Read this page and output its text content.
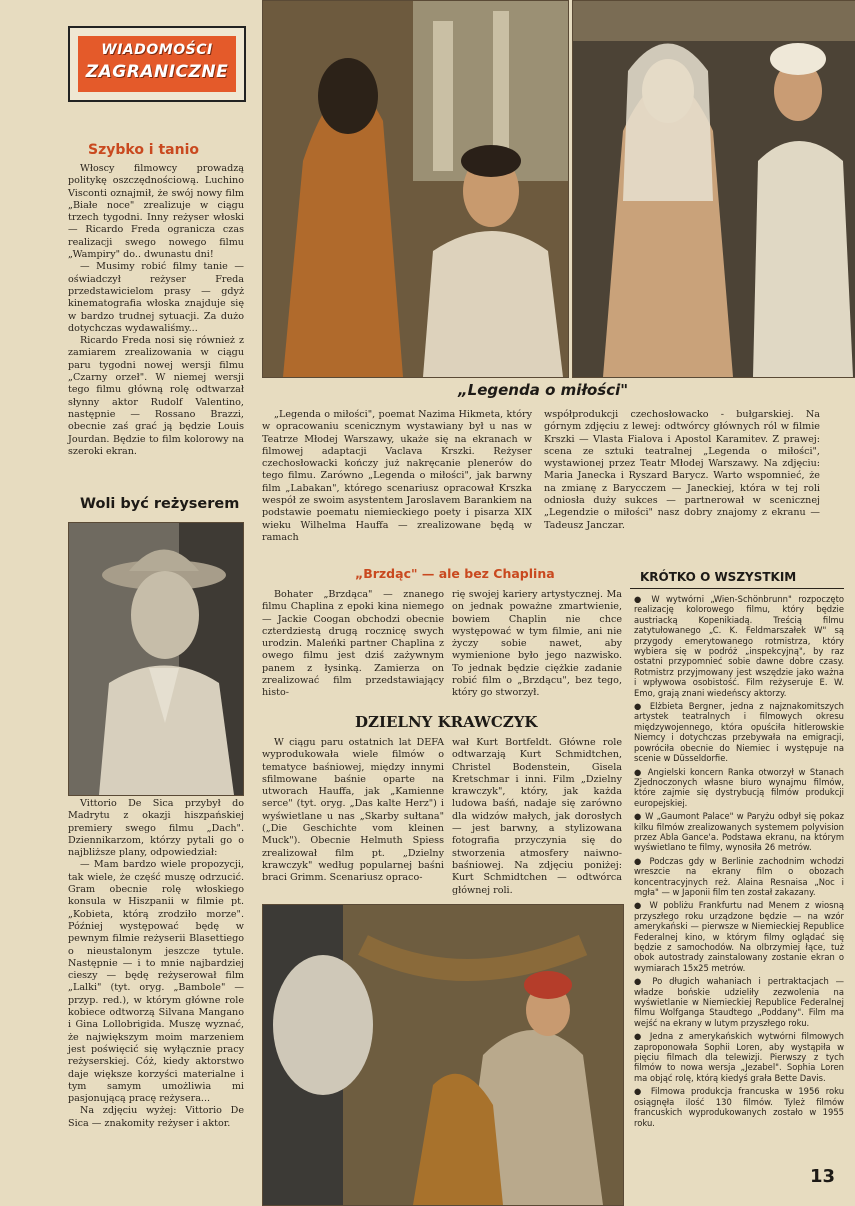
WIADOMOŚCI
ZAGRANICZNE
Szybko i tanio

Włoscy filmowcy prowadzą politykę oszczędnościową. Luchino Visconti oznajmił, że swój nowy film „Białe noce" zrealizuje w ciągu trzech tygodni. Inny reżyser włoski — Ricardo Freda ogranicza czas realizacji swego nowego filmu „Wampiry" do.. dwunastu dni!

— Musimy robić filmy tanie — oświadczył reżyser Freda przedstawicielom prasy — gdyż kinematografia włoska znajduje się w bardzo trudnej sytuacji. Za dużo dotychczas wydawaliśmy...

Ricardo Freda nosi się również z zamiarem zrealizowania w ciągu paru tygodni nowej wersji filmu „Czarny orzeł". W niemej wersji tego filmu główną rolę odtwarzał słynny aktor Rudolf Valentino, następnie — Rossano Brazzi, obecnie zaś grać ją będzie Louis Jourdan. Będzie to film kolorowy na szeroki ekran.

Woli być reżyserem

Vittorio De Sica przybył do Madrytu z okazji hiszpańskiej premiery swego filmu „Dach". Dziennikarzom, którzy pytali go o najbliższe plany, odpowiedział:

— Mam bardzo wiele propozycji, tak wiele, że część muszę odrzucić. Gram obecnie rolę włoskiego konsula w Hiszpanii w filmie pt. „Kobieta, którą zrodziło morze". Później występować będę w pewnym filmie reżyserii Blasettiego o nieustalonym jeszcze tytule. Następnie — i to mnie najbardziej cieszy — będę reżyserował film „Lalki" (tyt. oryg. „Bambole" — przyp. red.), w którym główne role kobiece odtworzą Silvana Mangano i Gina Lollobrigida. Muszę wyznać, że największym moim marzeniem jest poświęcić się wyłącznie pracy reżyserskiej. Cóż, kiedy aktorstwo daje większe korzyści materialne i tym samym umożliwia mi pasjonującą pracę reżysera...

Na zdjęciu wyżej: Vittorio De Sica — znakomity reżyser i aktor.

„Legenda o miłości"
„Legenda o miłości", poemat Nazima Hikmeta, który w opracowaniu scenicznym wystawiany był u nas w Teatrze Młodej Warszawy, ukaże się na ekranach w filmowej adaptacji Vaclava Krszki. Reżyser czechosłowacki kończy już nakręcanie plenerów do tego filmu. Zarówno „Legenda o miłości", jak barwny film „Labakan", którego scenariusz opracował Krszka wespół ze swoim asystentem Jaroslavem Barankiem na podstawie poematu niemieckiego poety i pisarza XIX wieku Wilhelma Hauffa — zrealizowane będą w ramach
współprodukcji czechosłowacko - bułgarskiej. Na górnym zdjęciu z lewej: odtwórcy głównych ról w filmie Krszki — Vlasta Fialova i Apostol Karamitev. Z prawej: scena ze sztuki teatralnej „Legenda o miłości", wystawionej przez Teatr Młodej Warszawy. Na zdjęciu: Maria Janecka i Ryszard Barycz. Warto wspomnieć, że na zmianę z Barycczem — Janeckiej, która w tej roli odniosła duży sukces — partnerował w scenicznej „Legendzie o miłości" nasz dobry znajomy z ekranu — Tadeusz Janczar.
„Brzdąc" — ale bez Chaplina
Bohater „Brzdąca" — znanego filmu Chaplina z epoki kina niemego — Jackie Coogan obchodzi obecnie czterdziestą drugą rocznicę swych urodzin. Maleńki partner Chaplina z owego filmu jest dziś zażywnym panem z łysinką. Zamierza on zrealizować film przedstawiający histo-
rię swojej kariery artystycznej. Ma on jednak poważne zmartwienie, bowiem Chaplin nie chce występować w tym filmie, ani nie życzy sobie nawet, aby wymienione było jego nazwisko. To jednak będzie ciężkie zadanie robić film o „Brzdącu", bez tego, który go stworzył.
DZIELNY KRAWCZYK
W ciągu paru ostatnich lat DEFA wyprodukowała wiele filmów o tematyce baśniowej, między innymi sfilmowane baśnie oparte na utworach Hauffa, jak „Kamienne serce" (tyt. oryg. „Das kalte Herz") i wyświetlane u nas „Skarby sułtana" („Die Geschichte vom kleinen Muck"). Obecnie Helmuth Spiess zrealizował film pt. „Dzielny krawczyk" według popularnej baśni braci Grimm. Scenariusz opraco-
wał Kurt Bortfeldt. Główne role odtwarzają Kurt Schmidtchen, Christel Bodenstein, Gisela Kretschmar i inni. Film „Dzielny krawczyk", który, jak każda ludowa baśń, nadaje się zarówno dla widzów małych, jak dorosłych — jest barwny, a stylizowana fotografia przyczynia się do stworzenia atmosfery naiwno-baśniowej. Na zdjęciu poniżej: Kurt Schmidtchen — odtwórca głównej roli.
KRÓTKO O WSZYSTKIM

● W wytwórni „Wien-Schönbrunn" rozpoczęto realizację kolorowego filmu, który będzie austriacką Kopenikiadą. Treścią filmu zatytułowanego „C. K. Feldmarszałek W" są przygody emerytowanego rotmistrza, który wybiera się w podróż „inspekcyjną", by raz ostatni przypomnieć sobie dawne dobre czasy. Rotmistrz przyjmowany jest wszędzie jako ważna i wpływowa osobistość. Film reżyseruje E. W. Emo, grają znani wiedeńscy aktorzy.

● Elżbieta Bergner, jedna z najznakomitszych artystek teatralnych i filmowych okresu międzywojennego, która opuściła hitlerowskie Niemcy i dotychczas przebywała na emigracji, powróciła obecnie do Niemiec i występuje na scenie w Düsseldorfie.

● Angielski koncern Ranka otworzył w Stanach Zjednoczonych własne biuro wynajmu filmów, które zajmie się dystrybucją filmów produkcji europejskiej.

● W „Gaumont Palace" w Paryżu odbył się pokaz kilku filmów zrealizowanych systemem polyvision przez Abla Gance'a. Podstawa ekranu, na którym wyświetlano te filmy, wynosiła 26 metrów.

● Podczas gdy w Berlinie zachodnim wchodzi wreszcie na ekrany film o obozach koncentracyjnych reż. Alaina Resnaisa „Noc i mgła" — w Japonii film ten został zakazany.

● W pobliżu Frankfurtu nad Menem z wiosną przyszłego roku urządzone będzie — na wzór amerykański — pierwsze w Niemieckiej Republice Federalnej kino, w którym filmy oglądać się będzie z samochodów. Na olbrzymiej łące, tuż obok autostrady zainstalowany zostanie ekran o wymiarach 15x25 metrów.

● Po długich wahaniach i pertraktacjach — władze bońskie udzieliły zezwolenia na wyświetlanie w Niemieckiej Republice Federalnej filmu Wolfganga Staudtego „Poddany". Film ma wejść na ekrany w lutym przyszłego roku.

● Jedna z amerykańskich wytwórni filmowych zaproponowała Sophii Loren, aby wystąpiła w pięciu filmach dla telewizji. Pierwszy z tych filmów to nowa wersja „Jezabel". Sophia Loren ma objąć rolę, którą kiedyś grała Bette Davis.

● Filmowa produkcja francuska w 1956 roku osiągnęła ilość 130 filmów. Tyleż filmów francuskich wyprodukowanych zostało w 1955 roku.

13
